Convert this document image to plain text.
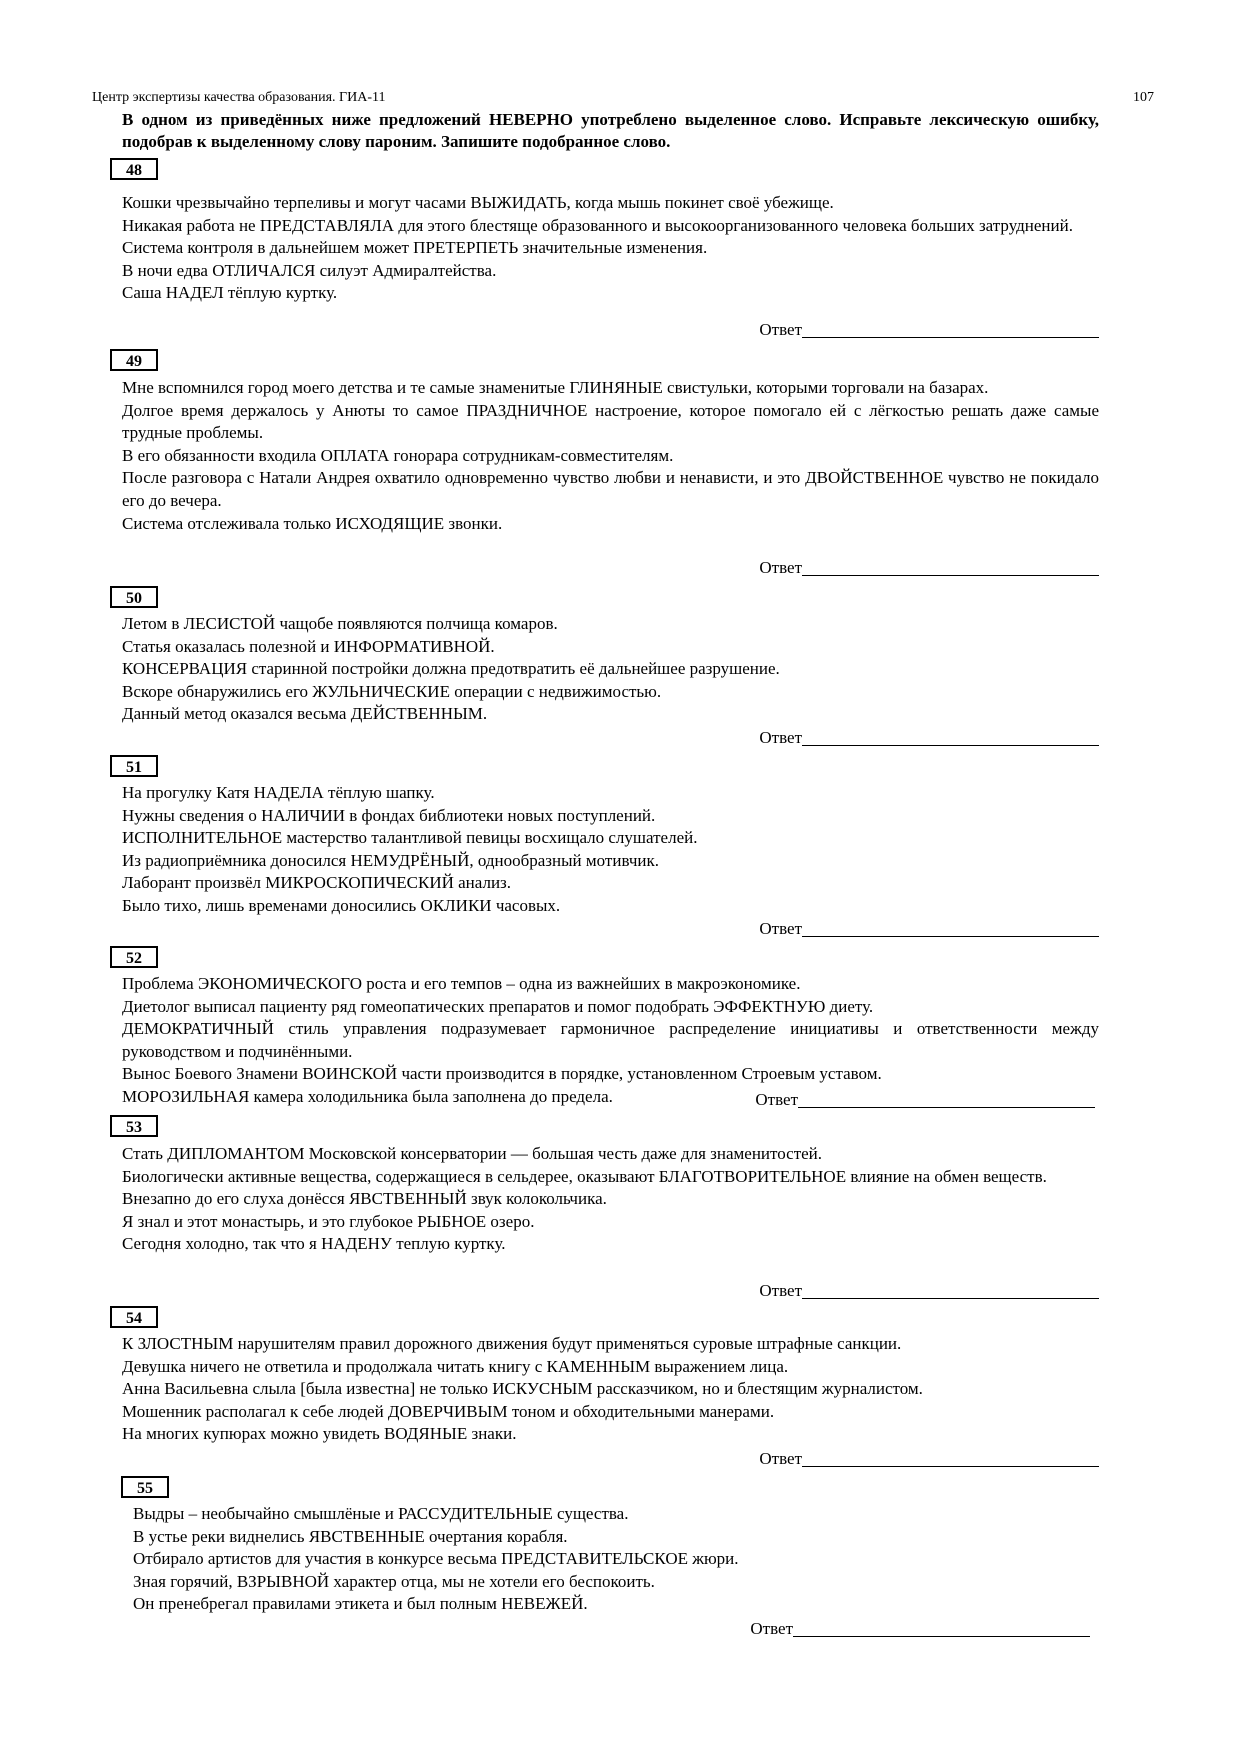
Центр экспертизы качества образования. ГИА-11	107

В одном из приведённых ниже предложений НЕВЕРНО употреблено выделенное слово. Исправьте лексическую ошибку, подобрав к выделенному слову пароним. Запишите подобранное слово.

48
Кошки чрезвычайно терпеливы и могут часами ВЫЖИДАТЬ, когда мышь покинет своё убежище.
Никакая работа не ПРЕДСТАВЛЯЛА для этого блестяще образованного и высокоорганизованного человека больших затруднений.
Система контроля в дальнейшем может ПРЕТЕРПЕТЬ значительные изменения.
В ночи едва ОТЛИЧАЛСЯ силуэт Адмиралтейства.
Саша НАДЕЛ тёплую куртку.
Ответ
49
Мне вспомнился город моего детства и те самые знаменитые ГЛИНЯНЫЕ свистульки, которыми торговали на базарах.
Долгое время держалось у Анюты то самое ПРАЗДНИЧНОЕ настроение, которое помогало ей с лёгкостью решать даже самые трудные проблемы.
В его обязанности входила ОПЛАТА гонорара сотрудникам-совместителям.
После разговора с Натали Андрея охватило одновременно чувство любви и ненависти, и это ДВОЙСТВЕННОЕ чувство не покидало его до вечера.
Система отслеживала только ИСХОДЯЩИЕ звонки.
Ответ
50
Летом в ЛЕСИСТОЙ чащобе появляются полчища комаров.
Статья оказалась полезной и ИНФОРМАТИВНОЙ.
КОНСЕРВАЦИЯ старинной постройки должна предотвратить её дальнейшее разрушение.
Вскоре обнаружились его ЖУЛЬНИЧЕСКИЕ операции с недвижимостью.
Данный метод оказался весьма ДЕЙСТВЕННЫМ.
Ответ
51
На прогулку Катя НАДЕЛА тёплую шапку.
Нужны сведения о НАЛИЧИИ в фондах библиотеки новых поступлений.
ИСПОЛНИТЕЛЬНОЕ мастерство талантливой певицы восхищало слушателей.
Из радиоприёмника доносился НЕМУДРЁНЫЙ, однообразный мотивчик.
Лаборант произвёл МИКРОСКОПИЧЕСКИЙ анализ.
Было тихо, лишь временами доносились ОКЛИКИ часовых.
Ответ
52
Проблема ЭКОНОМИЧЕСКОГО роста и его темпов – одна из важнейших в макроэкономике.
Диетолог выписал пациенту ряд гомеопатических препаратов и помог подобрать ЭФФЕКТНУЮ диету.
ДЕМОКРАТИЧНЫЙ стиль управления подразумевает гармоничное распределение инициативы и ответственности между руководством и подчинёнными.
Вынос Боевого Знамени ВОИНСКОЙ части производится в порядке, установленном Строевым уставом.
МОРОЗИЛЬНАЯ камера холодильника была заполнена до предела.	Ответ
53
Стать ДИПЛОМАНТОМ Московской консерватории — большая честь даже для знаменитостей.
Биологически активные вещества, содержащиеся в сельдерее, оказывают БЛАГОТВОРИТЕЛЬНОЕ влияние на обмен веществ.
Внезапно до его слуха донёсся ЯВСТВЕННЫЙ звук колокольчика.
Я знал и этот монастырь, и это глубокое РЫБНОЕ озеро.
Сегодня холодно, так что я НАДЕНУ теплую куртку.
Ответ
54
К ЗЛОСТНЫМ нарушителям правил дорожного движения будут применяться суровые штрафные санкции.
Девушка ничего не ответила и продолжала читать книгу с КАМЕННЫМ выражением лица.
Анна Васильевна слыла [была известна] не только ИСКУСНЫМ рассказчиком, но и блестящим журналистом.
Мошенник располагал к себе людей ДОВЕРЧИВЫМ тоном и обходительными манерами.
На многих купюрах можно увидеть ВОДЯНЫЕ знаки.
Ответ
55
Выдры – необычайно смышлёные и РАССУДИТЕЛЬНЫЕ существа.
В устье реки виднелись ЯВСТВЕННЫЕ очертания корабля.
Отбирало артистов для участия в конкурсе весьма ПРЕДСТАВИТЕЛЬСКОЕ жюри.
Зная горячий, ВЗРЫВНОЙ характер отца, мы не хотели его беспокоить.
Он пренебрегал правилами этикета и был полным НЕВЕЖЕЙ.
Ответ
